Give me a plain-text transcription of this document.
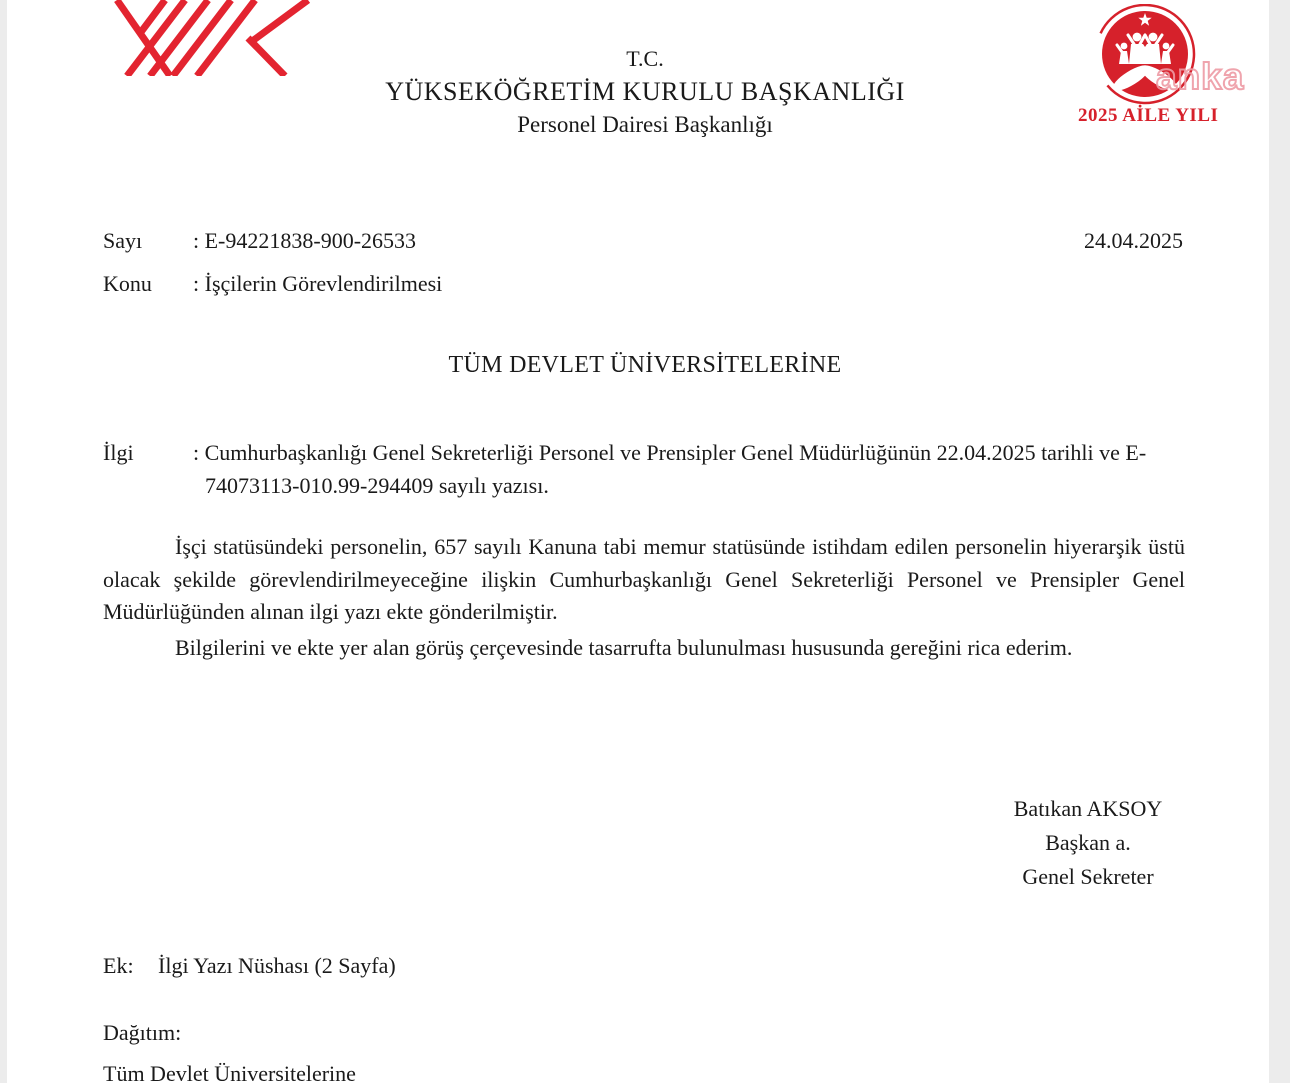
T.C.
YÜKSEKÖĞRETİM KURULU BAŞKANLIĞI
Personel Dairesi Başkanlığı	2025 AİLE YILI
anka
Sayı	: E-94221838-900-26533	24.04.2025
Konu	: İşçilerin Görevlendirilmesi
TÜM DEVLET ÜNİVERSİTELERİNE
İlgi	: Cumhurbaşkanlığı Genel Sekreterliği Personel ve Prensipler Genel Müdürlüğünün 22.04.2025 tarihli ve E-74073113-010.99-294409 sayılı yazısı.

İşçi statüsündeki personelin, 657 sayılı Kanuna tabi memur statüsünde istihdam edilen personelin hiyerarşik üstü olacak şekilde görevlendirilmeyeceğine ilişkin Cumhurbaşkanlığı Genel Sekreterliği Personel ve Prensipler Genel Müdürlüğünden alınan ilgi yazı ekte gönderilmiştir.

Bilgilerini ve ekte yer alan görüş çerçevesinde tasarrufta bulunulması hususunda gereğini rica ederim.

Batıkan AKSOY
Başkan a.
Genel Sekreter
Ek:	İlgi Yazı Nüshası (2 Sayfa)
Dağıtım:
Tüm Devlet Üniversitelerine
